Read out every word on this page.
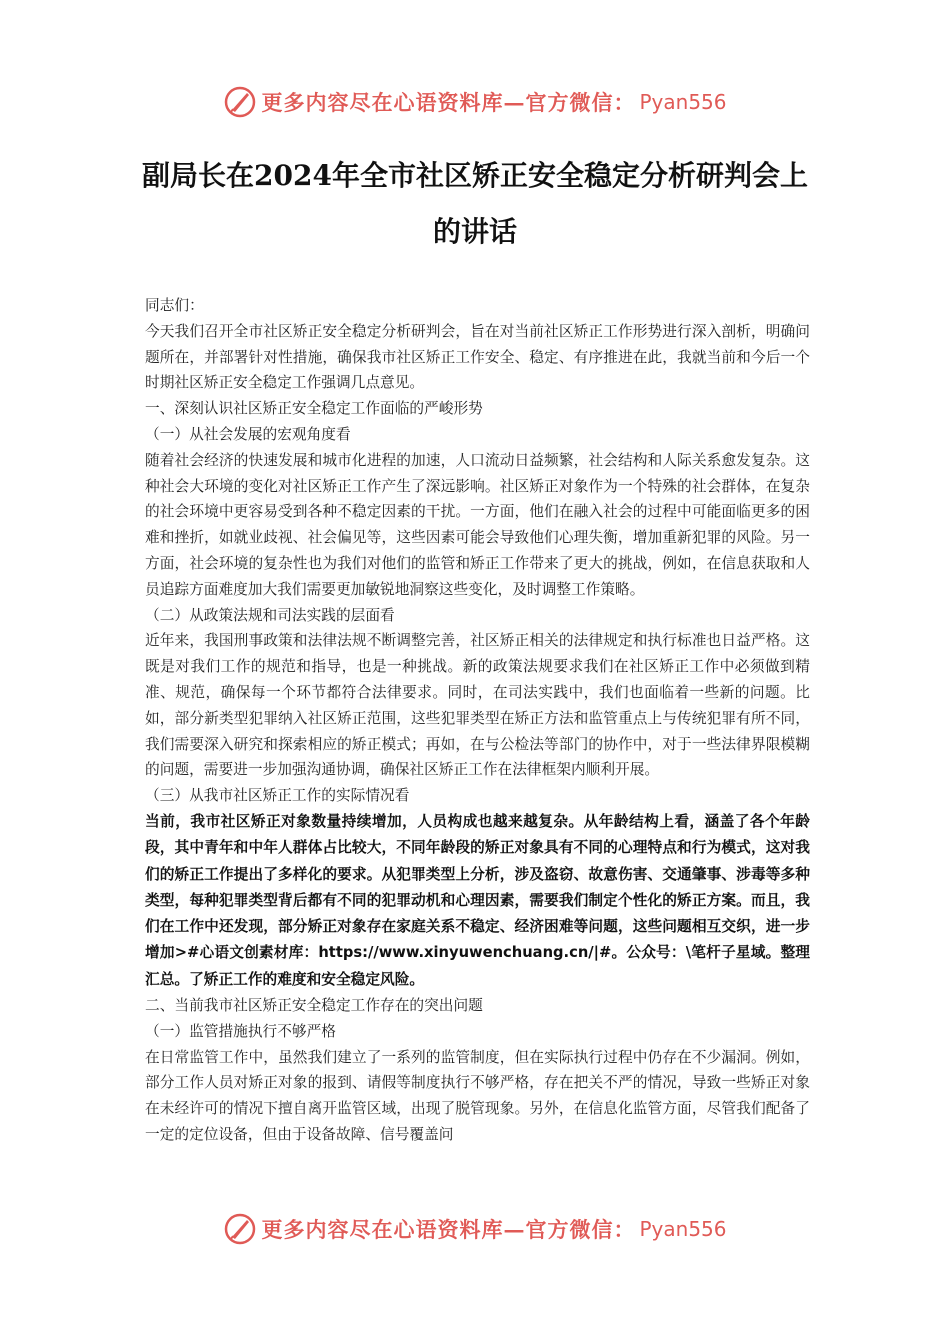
更多内容尽在心语资料库—官方微信： Pyan556
副局长在2024年全市社区矫正安全稳定分析研判会上的讲话

同志们：

今天我们召开全市社区矫正安全稳定分析研判会，旨在对当前社区矫正工作形势进行深入剖析，明确问题所在，并部署针对性措施，确保我市社区矫正工作安全、稳定、有序推进在此，我就当前和今后一个时期社区矫正安全稳定工作强调几点意见。

一、深刻认识社区矫正安全稳定工作面临的严峻形势

（一）从社会发展的宏观角度看

随着社会经济的快速发展和城市化进程的加速，人口流动日益频繁，社会结构和人际关系愈发复杂。这种社会大环境的变化对社区矫正工作产生了深远影响。社区矫正对象作为一个特殊的社会群体，在复杂的社会环境中更容易受到各种不稳定因素的干扰。一方面，他们在融入社会的过程中可能面临更多的困难和挫折，如就业歧视、社会偏见等，这些因素可能会导致他们心理失衡，增加重新犯罪的风险。另一方面，社会环境的复杂性也为我们对他们的监管和矫正工作带来了更大的挑战，例如，在信息获取和人员追踪方面难度加大我们需要更加敏锐地洞察这些变化，及时调整工作策略。

（二）从政策法规和司法实践的层面看

近年来，我国刑事政策和法律法规不断调整完善，社区矫正相关的法律规定和执行标准也日益严格。这既是对我们工作的规范和指导，也是一种挑战。新的政策法规要求我们在社区矫正工作中必须做到精准、规范，确保每一个环节都符合法律要求。同时，在司法实践中，我们也面临着一些新的问题。比如，部分新类型犯罪纳入社区矫正范围，这些犯罪类型在矫正方法和监管重点上与传统犯罪有所不同，我们需要深入研究和探索相应的矫正模式；再如，在与公检法等部门的协作中，对于一些法律界限模糊的问题，需要进一步加强沟通协调，确保社区矫正工作在法律框架内顺利开展。

（三）从我市社区矫正工作的实际情况看

当前，我市社区矫正对象数量持续增加，人员构成也越来越复杂。从年龄结构上看，涵盖了各个年龄段，其中青年和中年人群体占比较大，不同年龄段的矫正对象具有不同的心理特点和行为模式，这对我们的矫正工作提出了多样化的要求。从犯罪类型上分析，涉及盗窃、故意伤害、交通肇事、涉毒等多种类型，每种犯罪类型背后都有不同的犯罪动机和心理因素，需要我们制定个性化的矫正方案。而且，我们在工作中还发现，部分矫正对象存在家庭关系不稳定、经济困难等问题，这些问题相互交织，进一步增加>#心语文创素材库：https://www.xinyuwenchuang.cn/|#。公众号：\笔杆子星域。整理汇总。了矫正工作的难度和安全稳定风险。

二、当前我市社区矫正安全稳定工作存在的突出问题

（一）监管措施执行不够严格

在日常监管工作中，虽然我们建立了一系列的监管制度，但在实际执行过程中仍存在不少漏洞。例如，部分工作人员对矫正对象的报到、请假等制度执行不够严格，存在把关不严的情况，导致一些矫正对象在未经许可的情况下擅自离开监管区域，出现了脱管现象。另外，在信息化监管方面，尽管我们配备了一定的定位设备，但由于设备故障、信号覆盖问

更多内容尽在心语资料库—官方微信： Pyan556
